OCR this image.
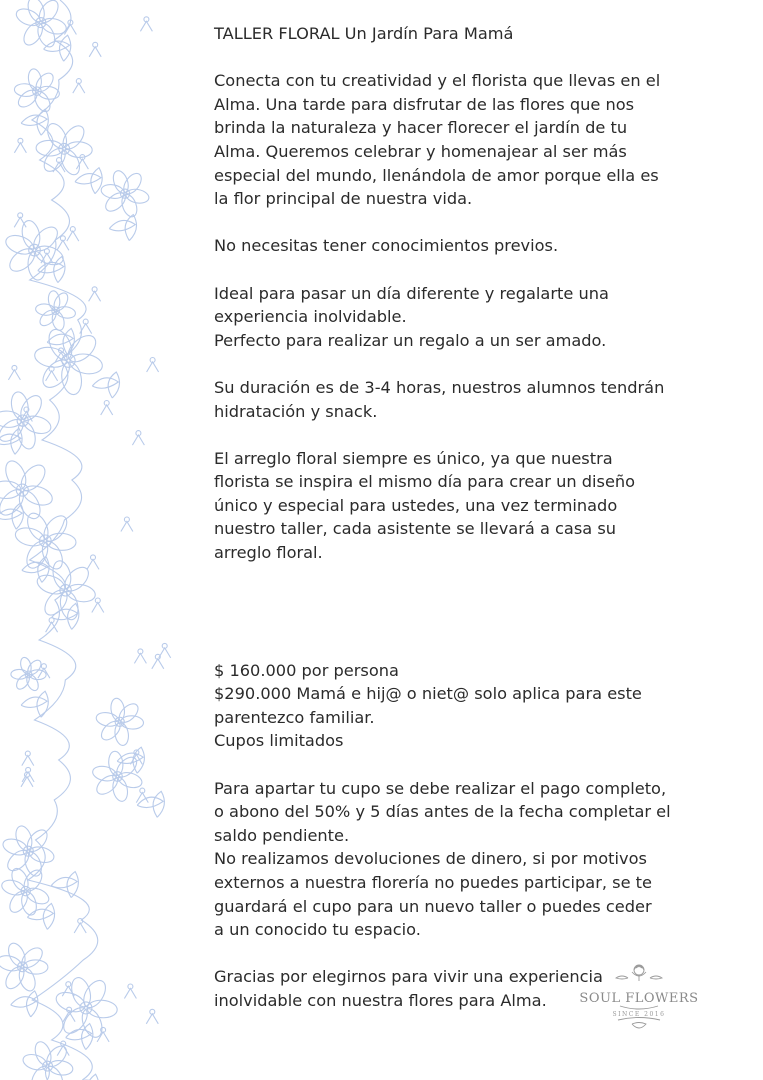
TALLER FLORAL Un Jardín Para Mamá

Conecta con tu creatividad y el florista que llevas en el

Alma. Una tarde para disfrutar de las flores que nos

brinda la naturaleza y hacer florecer el jardín de tu

Alma. Queremos celebrar y homenajear al ser más

especial del mundo, llenándola de amor porque ella es

la flor principal de nuestra vida.

No necesitas tener conocimientos previos.

Ideal para pasar un día diferente y regalarte una

experiencia inolvidable.

Perfecto para realizar un regalo a un ser amado.

Su duración es de 3-4 horas, nuestros alumnos tendrán

hidratación y snack.

El arreglo floral siempre es único, ya que nuestra

florista se inspira el mismo día para crear un diseño

único y especial para ustedes, una vez terminado

nuestro taller, cada asistente se llevará a casa su

arreglo floral.

$ 160.000 por persona

$290.000 Mamá e hij@ o niet@ solo aplica para este

parentezco familiar.

Cupos limitados

Para apartar tu cupo se debe realizar el pago completo,

o abono del 50% y 5 días antes de la fecha completar el

saldo pendiente.

No realizamos devoluciones de dinero, si por motivos

externos a nuestra florería no puedes participar, se te

guardará el cupo para un nuevo taller o puedes ceder

a un conocido tu espacio.

Gracias por elegirnos para vivir una experiencia

inolvidable con nuestra flores para Alma.	SOUL FLOWERS
SINCE 2016
